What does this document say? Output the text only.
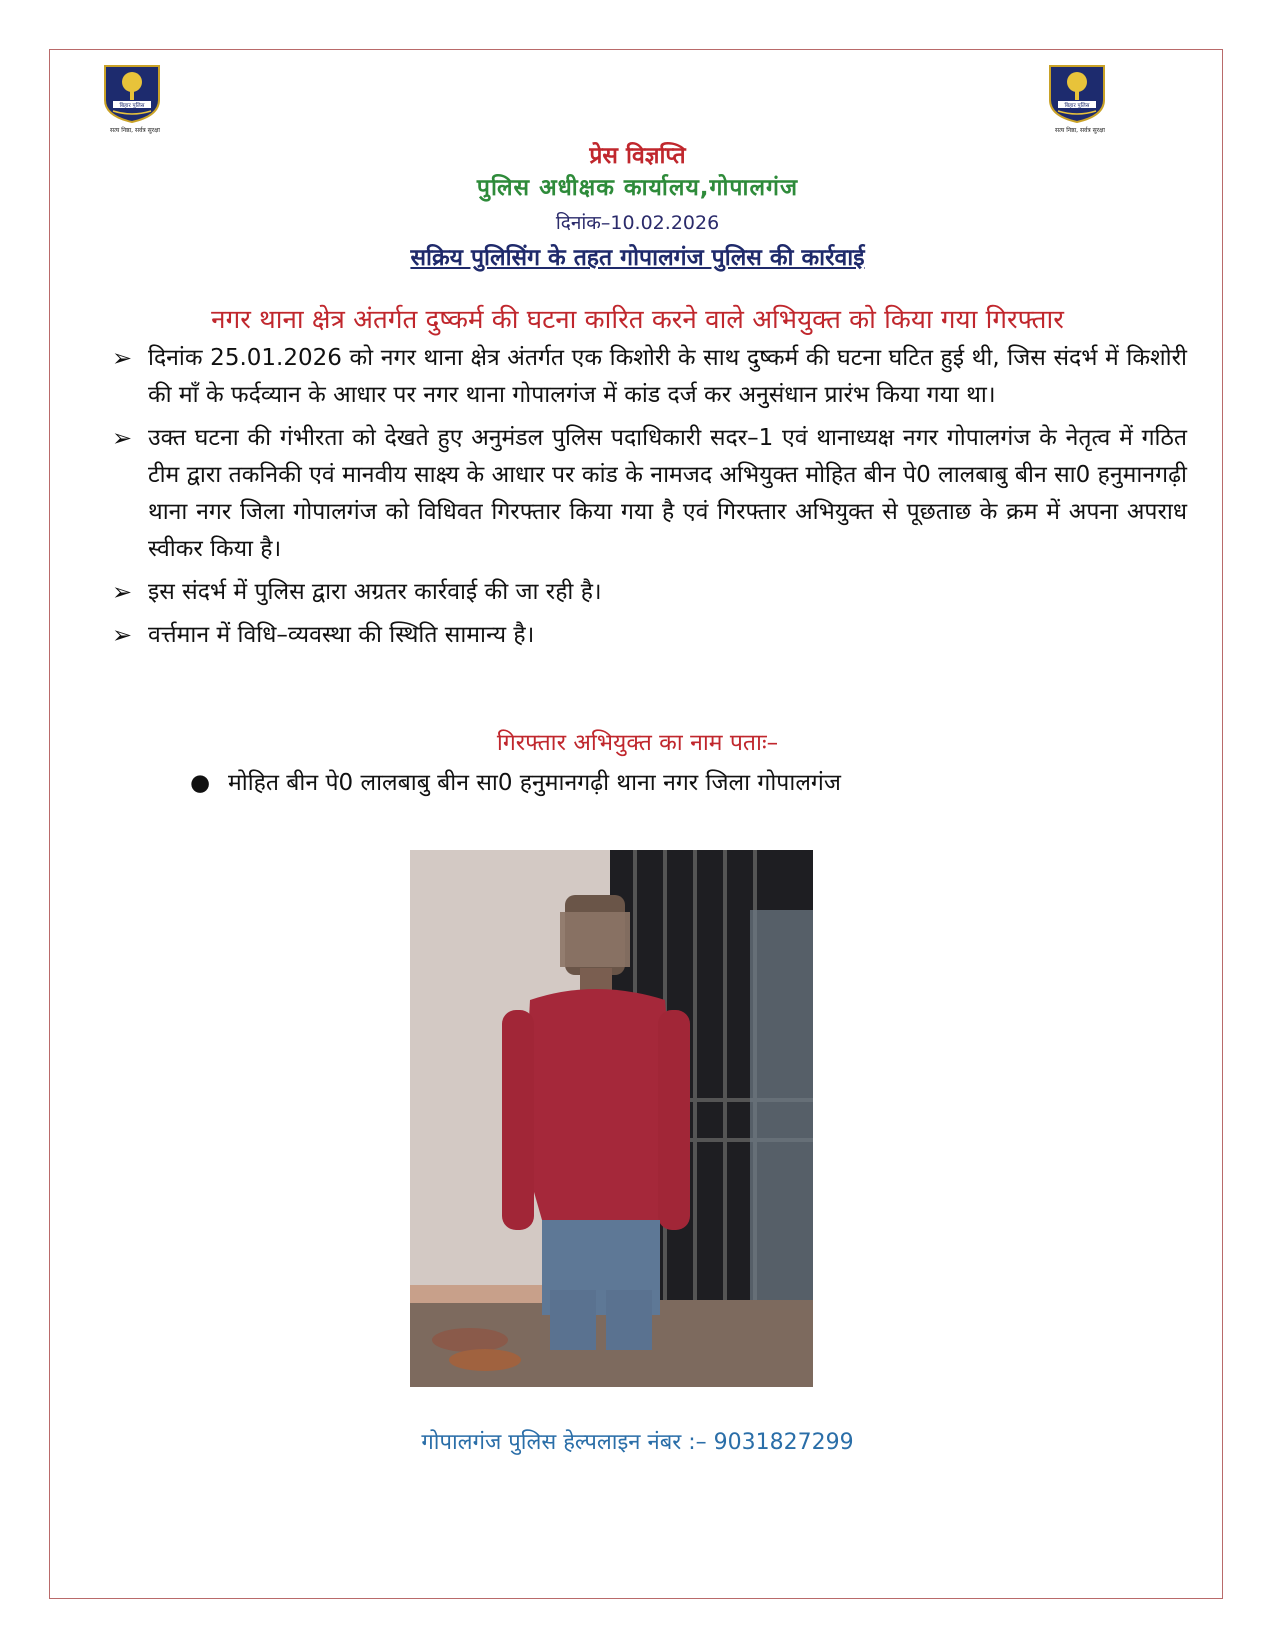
बिहार पुलिस
सत्य निष्ठा, सर्वत्र सुरक्षा
बिहार पुलिस
सत्य निष्ठा, सर्वत्र सुरक्षा
प्रेस विज्ञप्ति
पुलिस अधीक्षक कार्यालय,गोपालगंज
दिनांक–10.02.2026
सक्रिय पुलिसिंग के तहत गोपालगंज पुलिस की कार्रवाई
नगर थाना क्षेत्र अंतर्गत दुष्कर्म की घटना कारित करने वाले अभियुक्त को किया गया गिरफ्तार
➢ दिनांक 25.01.2026 को नगर थाना क्षेत्र अंतर्गत एक किशोरी के साथ दुष्कर्म की घटना घटित हुई थी, जिस संदर्भ में किशोरी की माँ के फर्दव्यान के आधार पर नगर थाना गोपालगंज में कांड दर्ज कर अनुसंधान प्रारंभ किया गया था।
➢ उक्त घटना की गंभीरता को देखते हुए अनुमंडल पुलिस पदाधिकारी सदर–1 एवं थानाध्यक्ष नगर गोपालगंज के नेतृत्व में गठित टीम द्वारा तकनिकी एवं मानवीय साक्ष्य के आधार पर कांड के नामजद अभियुक्त मोहित बीन पे0 लालबाबु बीन सा0 हनुमानगढ़ी थाना नगर जिला गोपालगंज को विधिवत गिरफ्तार किया गया है एवं गिरफ्तार अभियुक्त से पूछताछ के क्रम में अपना अपराध स्वीकर किया है।
➢ इस संदर्भ में पुलिस द्वारा अग्रतर कार्रवाई की जा रही है।
➢ वर्त्तमान में विधि–व्यवस्था की स्थिति सामान्य है।
गिरफ्तार अभियुक्त का नाम पताः–
● मोहित बीन पे0 लालबाबु बीन सा0 हनुमानगढ़ी थाना नगर जिला गोपालगंज
गोपालगंज पुलिस हेल्पलाइन नंबर :– 9031827299
